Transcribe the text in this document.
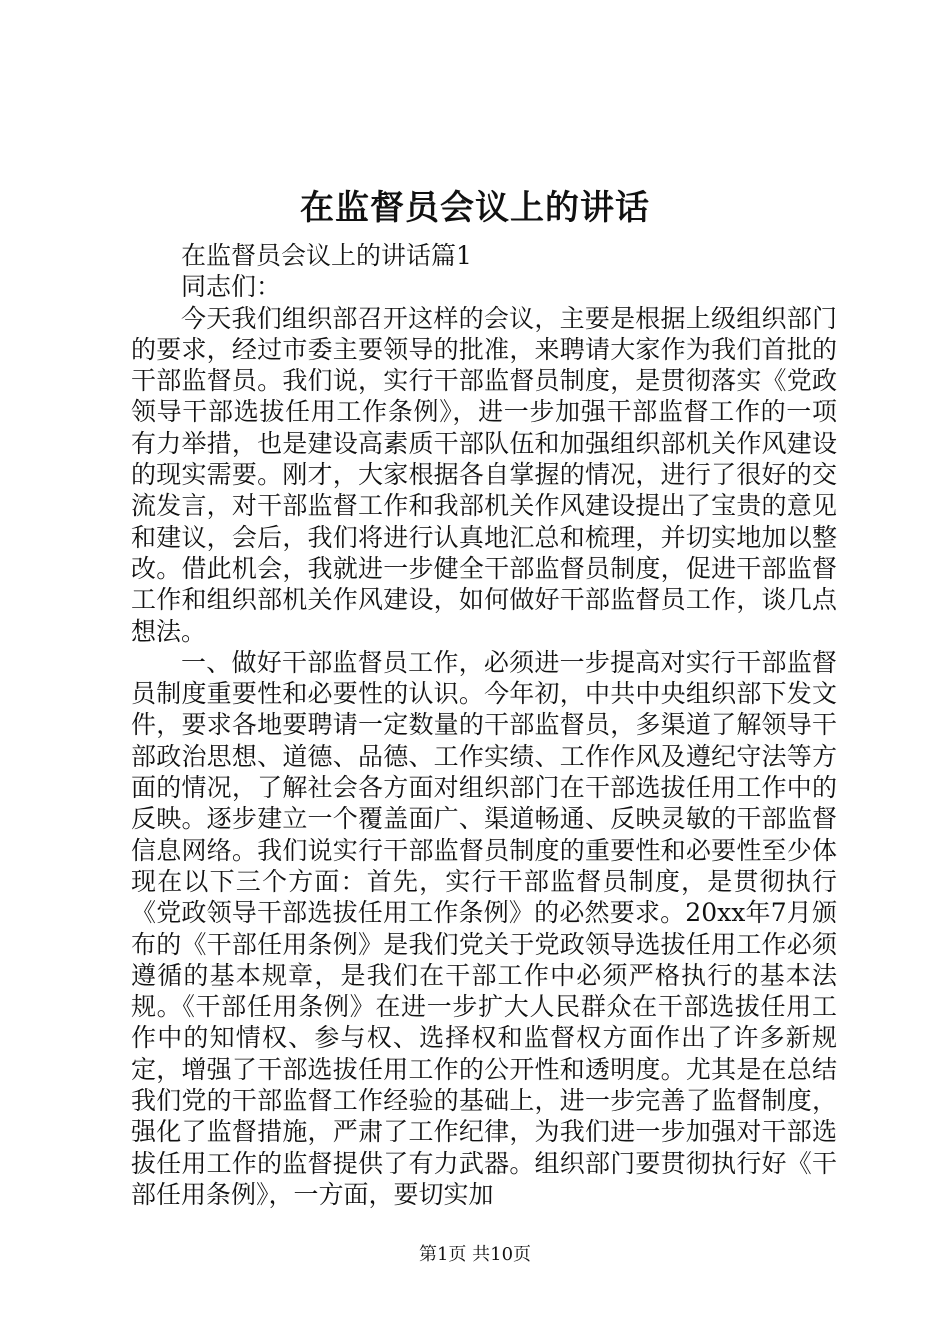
在监督员会议上的讲话

在监督员会议上的讲话篇1

同志们：

今天我们组织部召开这样的会议，主要是根据上级组织部门的要求，经过市委主要领导的批准，来聘请大家作为我们首批的干部监督员。我们说，实行干部监督员制度，是贯彻落实《党政领导干部选拔任用工作条例》，进一步加强干部监督工作的一项有力举措，也是建设高素质干部队伍和加强组织部机关作风建设的现实需要。刚才，大家根据各自掌握的情况，进行了很好的交流发言，对干部监督工作和我部机关作风建设提出了宝贵的意见和建议，会后，我们将进行认真地汇总和梳理，并切实地加以整改。借此机会，我就进一步健全干部监督员制度，促进干部监督工作和组织部机关作风建设，如何做好干部监督员工作，谈几点想法。

一、做好干部监督员工作，必须进一步提高对实行干部监督员制度重要性和必要性的认识。今年初，中共中央组织部下发文件，要求各地要聘请一定数量的干部监督员，多渠道了解领导干部政治思想、道德、品德、工作实绩、工作作风及遵纪守法等方面的情况，了解社会各方面对组织部门在干部选拔任用工作中的反映。逐步建立一个覆盖面广、渠道畅通、反映灵敏的干部监督信息网络。我们说实行干部监督员制度的重要性和必要性至少体现在以下三个方面：首先，实行干部监督员制度，是贯彻执行《党政领导干部选拔任用工作条例》的必然要求。20xx年7月颁布的《干部任用条例》是我们党关于党政领导选拔任用工作必须遵循的基本规章，是我们在干部工作中必须严格执行的基本法规。《干部任用条例》在进一步扩大人民群众在干部选拔任用工作中的知情权、参与权、选择权和监督权方面作出了许多新规定，增强了干部选拔任用工作的公开性和透明度。尤其是在总结我们党的干部监督工作经验的基础上，进一步完善了监督制度，强化了监督措施，严肃了工作纪律，为我们进一步加强对干部选拔任用工作的监督提供了有力武器。组织部门要贯彻执行好《干部任用条例》，一方面，要切实加

第1页 共10页
